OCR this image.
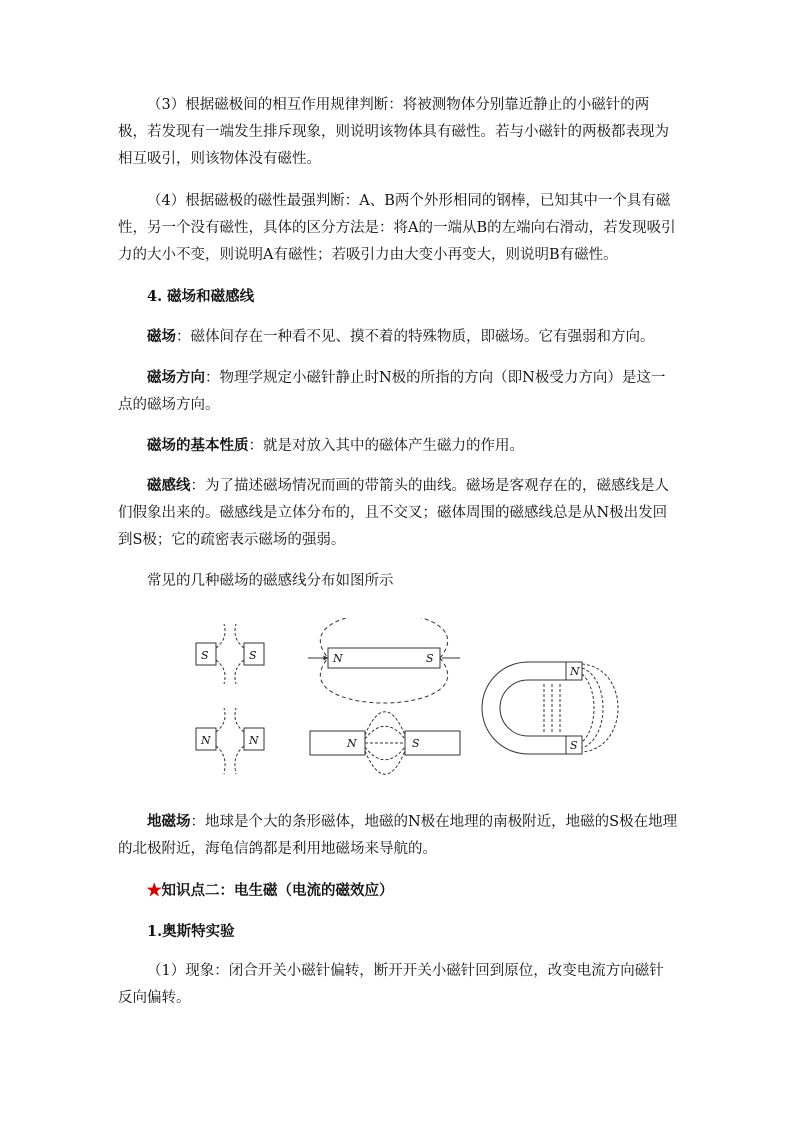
（3）根据磁极间的相互作用规律判断：将被测物体分别靠近静止的小磁针的两极，若发现有一端发生排斥现象，则说明该物体具有磁性。若与小磁针的两极都表现为相互吸引，则该物体没有磁性。

（4）根据磁极的磁性最强判断：A、B两个外形相同的钢棒，已知其中一个具有磁性，另一个没有磁性，具体的区分方法是：将A的一端从B的左端向右滑动，若发现吸引力的大小不变，则说明A有磁性；若吸引力由大变小再变大，则说明B有磁性。

4. 磁场和磁感线

磁场：磁体间存在一种看不见、摸不着的特殊物质，即磁场。它有强弱和方向。

磁场方向：物理学规定小磁针静止时N极的所指的方向（即N极受力方向）是这一点的磁场方向。

磁场的基本性质：就是对放入其中的磁体产生磁力的作用。

磁感线：为了描述磁场情况而画的带箭头的曲线。磁场是客观存在的，磁感线是人们假象出来的。磁感线是立体分布的，且不交叉；磁体周围的磁感线总是从N极出发回到S极；它的疏密表示磁场的强弱。

常见的几种磁场的磁感线分布如图所示

S	S	N	S
N
S
N	N	N	S

地磁场：地球是个大的条形磁体，地磁的N极在地理的南极附近，地磁的S极在地理的北极附近，海龟信鸽都是利用地磁场来导航的。

★知识点二：电生磁（电流的磁效应）

1.奥斯特实验

（1）现象：闭合开关小磁针偏转，断开开关小磁针回到原位，改变电流方向磁针反向偏转。
